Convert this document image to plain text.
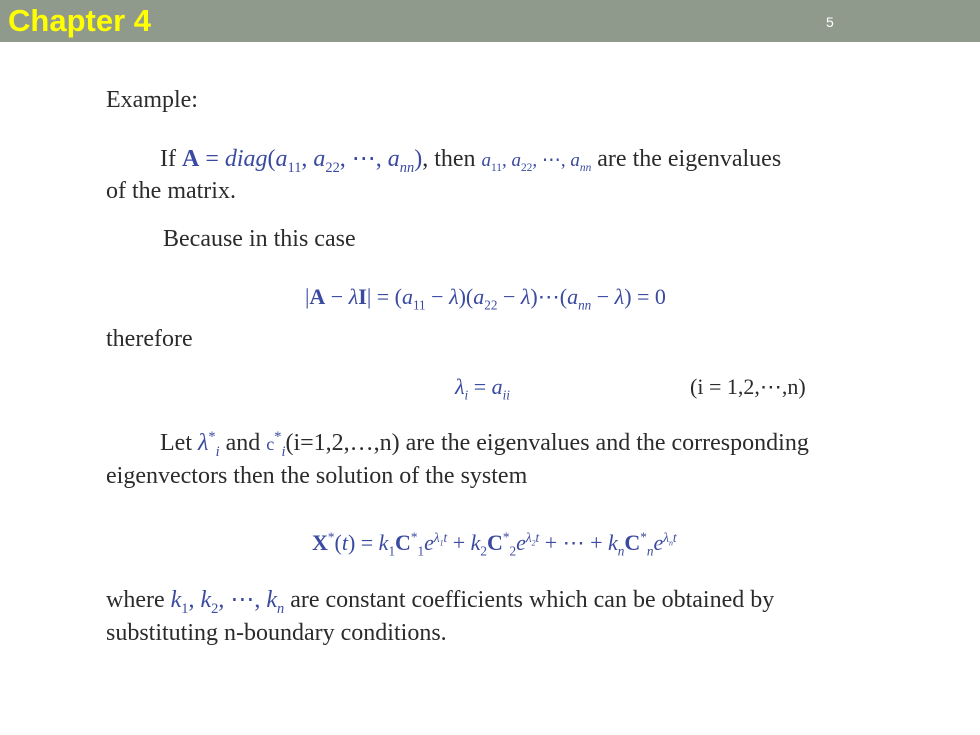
Chapter 4	5
Example:
If $A = diag(a_{11}$, $a_{22}$, ⋯, $a_{nn}$), then $a_{11}$, $a_{22}$, ⋯, $a_{nn}$ are the eigenvalues
of the matrix.
Because in this case
$|A - \lambda I| = (a_{11} - \lambda)(a_{22}$ − $\lambda)\cdots(a_{nn} - \lambda) = 0$
therefore
$\lambda_i = a_{ii}$	(i = 1,2,⋯,n)
Let $\lambda^*_i$ and $c^*_i(i=1,2,\dots,n)$ are the eigenvalues and the corresponding
eigenvectors then the solution of the system
$X^*(t) = k_1C^*_1e^{\lambda_1t} + k_2C^*_2e^{\lambda_2t}$ + ⋯ + $k_nC^*_ne^{\lambda_nt}$
where $k_1$, $k_2$, ⋯, $k_n$ are constant coefficients which can be obtained by
substituting n-boundary conditions.
